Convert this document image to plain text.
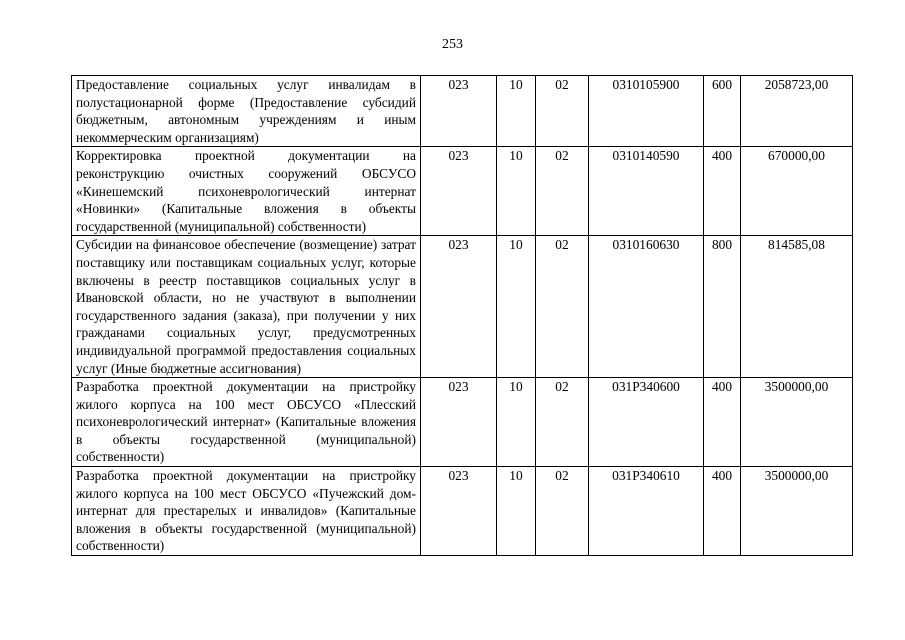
253
Предоставление социальных услуг инвалидам в полустационарной форме (Предоставление субсидий бюджетным, автономным учреждениям и иным некоммерческим организациям)	023	10	02	0310105900	600	2058723,00
Корректировка проектной документации на реконструкцию очистных сооружений ОБСУСО «Кинешемский психоневрологический интернат «Новинки» (Капитальные вложения в объекты государственной (муниципальной) собственности)	023	10	02	0310140590	400	670000,00
Субсидии на финансовое обеспечение (возмещение) затрат поставщику или поставщикам социальных услуг, которые включены в реестр поставщиков социальных услуг в Ивановской области, но не участвуют в выполнении государственного задания (заказа), при получении у них гражданами социальных услуг, предусмотренных индивидуальной программой предоставления социальных услуг (Иные бюджетные ассигнования)	023	10	02	0310160630	800	814585,08
Разработка проектной документации на пристройку жилого корпуса на 100 мест ОБСУСО «Плесский психоневрологический интернат» (Капитальные вложения в объекты государственной (муниципальной) собственности)	023	10	02	031P340600	400	3500000,00
Разработка проектной документации на пристройку жилого корпуса на 100 мест ОБСУСО «Пучежский дом-интернат для престарелых и инвалидов» (Капитальные вложения в объекты государственной (муниципальной) собственности)	023	10	02	031P340610	400	3500000,00
